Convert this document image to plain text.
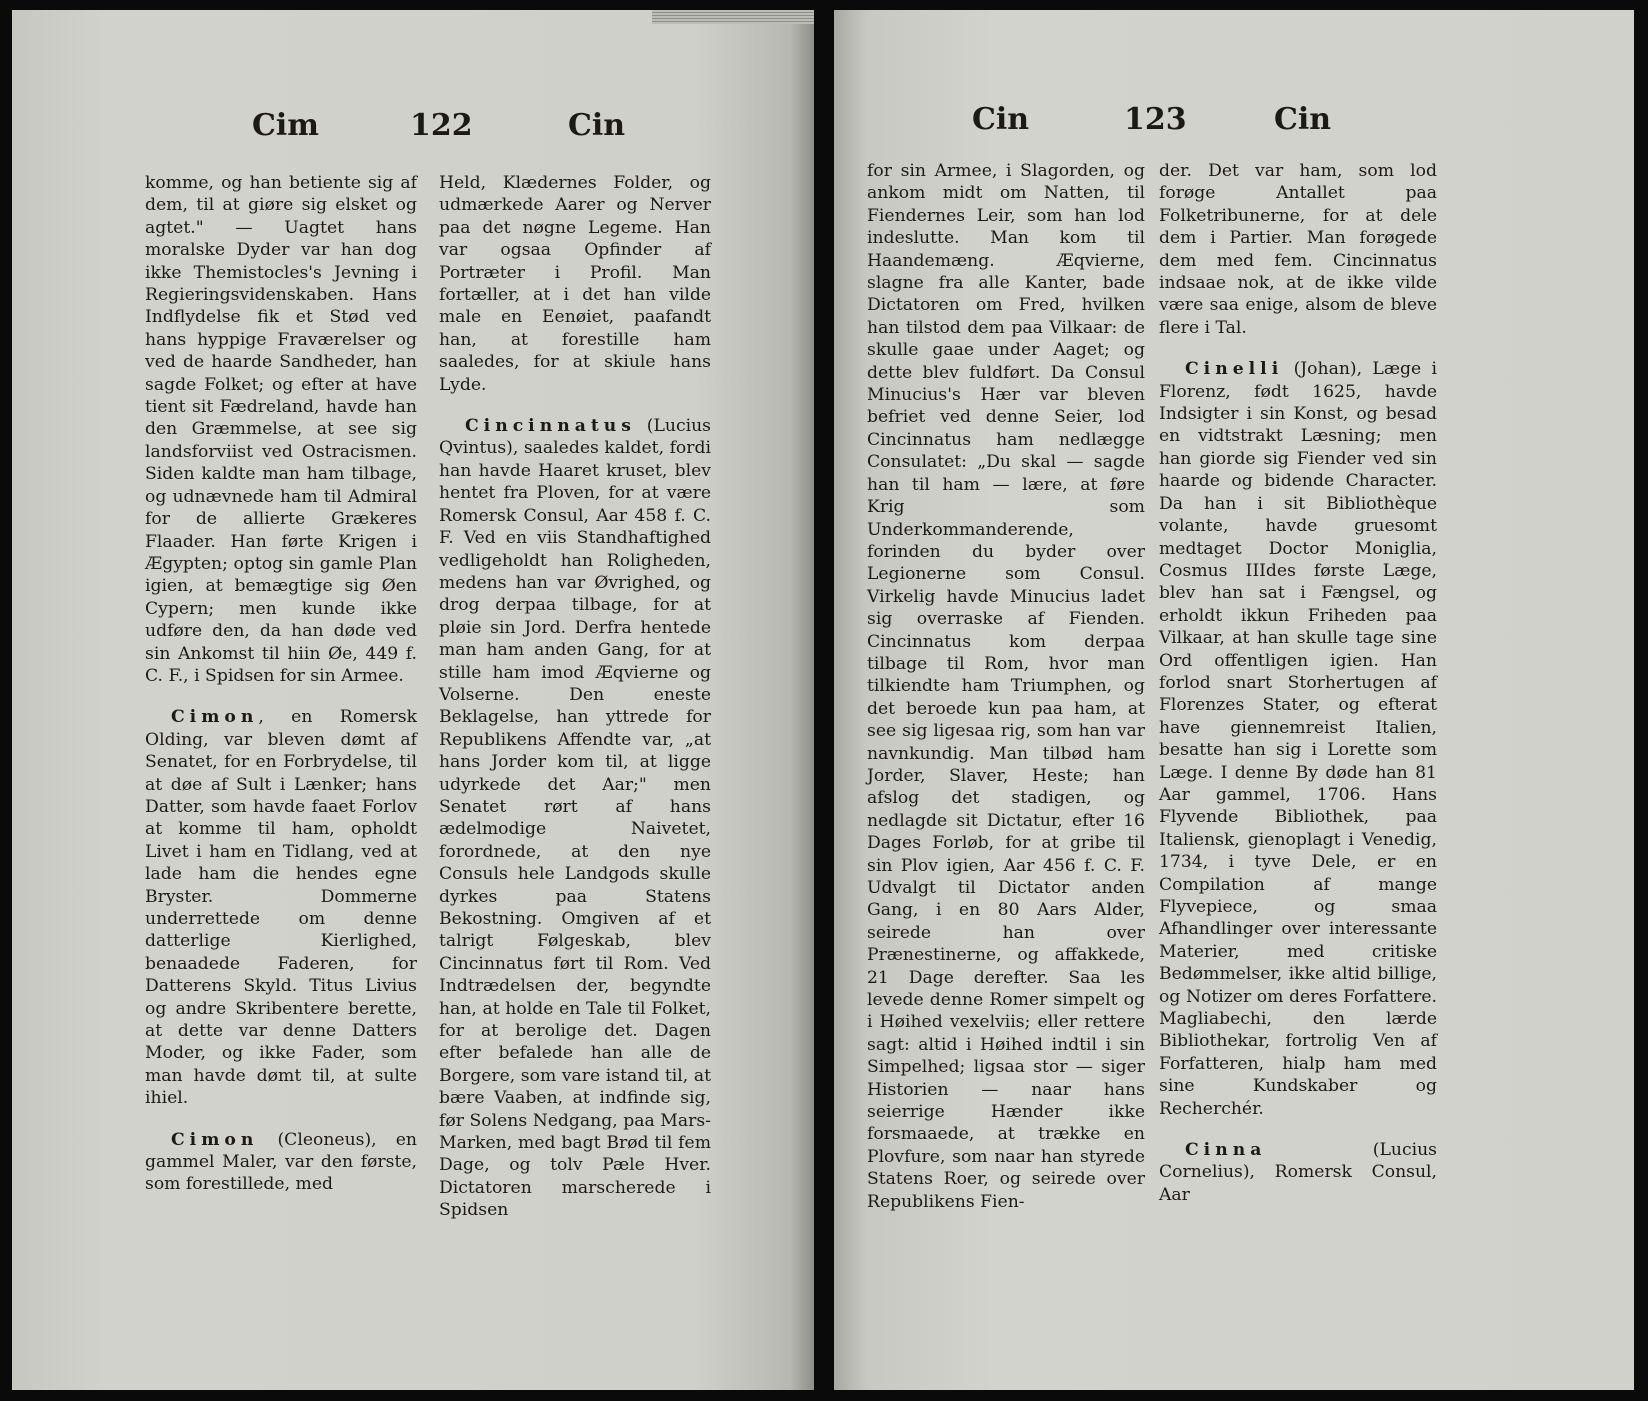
Cim	122	Cin

komme, og han betiente sig af dem, til at giøre sig elsket og agtet." — Uagtet hans moralske Dyder var han dog ikke Themistocles's Jevning i Regieringsvidenskaben. Hans Indflydelse fik et Stød ved hans hyppige Fraværelser og ved de haarde Sandheder, han sagde Folket; og efter at have tient sit Fædreland, havde han den Græmmelse, at see sig landsforviist ved Ostracismen. Siden kaldte man ham tilbage, og udnævnede ham til Admiral for de allierte Grækeres Flaader. Han førte Krigen i Ægypten; optog sin gamle Plan igien, at bemægtige sig Øen Cypern; men kunde ikke udføre den, da han døde ved sin Ankomst til hiin Øe, 449 f. C. F., i Spidsen for sin Armee.

Cimon, en Romersk Olding, var bleven dømt af Senatet, for en Forbrydelse, til at døe af Sult i Lænker; hans Datter, som havde faaet Forlov at komme til ham, opholdt Livet i ham en Tidlang, ved at lade ham die hendes egne Bryster. Dommerne underrettede om denne datterlige Kierlighed, benaadede Faderen, for Datterens Skyld. Titus Livius og andre Skribentere berette, at dette var denne Datters Moder, og ikke Fader, som man havde dømt til, at sulte ihiel.

Cimon (Cleoneus), en gammel Maler, var den første, som forestillede, med

Held, Klædernes Folder, og udmærkede Aarer og Nerver paa det nøgne Legeme. Han var ogsaa Opfinder af Portræter i Profil. Man fortæller, at i det han vilde male en Eenøiet, paafandt han, at forestille ham saaledes, for at skiule hans Lyde.

Cincinnatus (Lucius Qvintus), saaledes kaldet, fordi han havde Haaret kruset, blev hentet fra Ploven, for at være Romersk Consul, Aar 458 f. C. F. Ved en viis Standhaftighed vedligeholdt han Roligheden, medens han var Øvrighed, og drog derpaa tilbage, for at pløie sin Jord. Derfra hentede man ham anden Gang, for at stille ham imod Æqvierne og Volserne. Den eneste Beklagelse, han yttrede for Republikens Affendte var, „at hans Jorder kom til, at ligge udyrkede det Aar;" men Senatet rørt af hans ædelmodige Naivetet, forordnede, at den nye Consuls hele Landgods skulle dyrkes paa Statens Bekostning. Omgiven af et talrigt Følgeskab, blev Cincinnatus ført til Rom. Ved Indtrædelsen der, begyndte han, at holde en Tale til Folket, for at berolige det. Dagen efter befalede han alle de Borgere, som vare istand til, at bære Vaaben, at indfinde sig, før Solens Nedgang, paa Mars-Marken, med bagt Brød til fem Dage, og tolv Pæle Hver. Dictatoren marscherede i Spidsen

Cin	123	Cin

for sin Armee, i Slagorden, og ankom midt om Natten, til Fiendernes Leir, som han lod indeslutte. Man kom til Haandemæng. Æqvierne, slagne fra alle Kanter, bade Dictatoren om Fred, hvilken han tilstod dem paa Vilkaar: de skulle gaae under Aaget; og dette blev fuldført. Da Consul Minucius's Hær var bleven befriet ved denne Seier, lod Cincinnatus ham nedlægge Consulatet: „Du skal — sagde han til ham — lære, at føre Krig som Underkommanderende, forinden du byder over Legionerne som Consul. Virkelig havde Minucius ladet sig overraske af Fienden. Cincinnatus kom derpaa tilbage til Rom, hvor man tilkiendte ham Triumphen, og det beroede kun paa ham, at see sig ligesaa rig, som han var navnkundig. Man tilbød ham Jorder, Slaver, Heste; han afslog det stadigen, og nedlagde sit Dictatur, efter 16 Dages Forløb, for at gribe til sin Plov igien, Aar 456 f. C. F. Udvalgt til Dictator anden Gang, i en 80 Aars Alder, seirede han over Prænestinerne, og affakkede, 21 Dage derefter. Saa les levede denne Romer simpelt og i Høihed vexelviis; eller rettere sagt: altid i Høihed indtil i sin Simpelhed; ligsaa stor — siger Historien — naar hans seierrige Hænder ikke forsmaaede, at trække en Plovfure, som naar han styrede Statens Roer, og seirede over Republikens Fien-

der. Det var ham, som lod forøge Antallet paa Folketribunerne, for at dele dem i Partier. Man forøgede dem med fem. Cincinnatus indsaae nok, at de ikke vilde være saa enige, alsom de bleve flere i Tal.

Cinelli (Johan), Læge i Florenz, født 1625, havde Indsigter i sin Konst, og besad en vidtstrakt Læsning; men han giorde sig Fiender ved sin haarde og bidende Character. Da han i sit Bibliothèque volante, havde gruesomt medtaget Doctor Moniglia, Cosmus IIIdes første Læge, blev han sat i Fængsel, og erholdt ikkun Friheden paa Vilkaar, at han skulle tage sine Ord offentligen igien. Han forlod snart Storhertugen af Florenzes Stater, og efterat have giennemreist Italien, besatte han sig i Lorette som Læge. I denne By døde han 81 Aar gammel, 1706. Hans Flyvende Bibliothek, paa Italiensk, gienoplagt i Venedig, 1734, i tyve Dele, er en Compilation af mange Flyvepiece, og smaa Afhandlinger over interessante Materier, med critiske Bedømmelser, ikke altid billige, og Notizer om deres Forfattere. Magliabechi, den lærde Bibliothekar, fortrolig Ven af Forfatteren, hialp ham med sine Kundskaber og Recherchér.

Cinna (Lucius Cornelius), Romersk Consul, Aar
